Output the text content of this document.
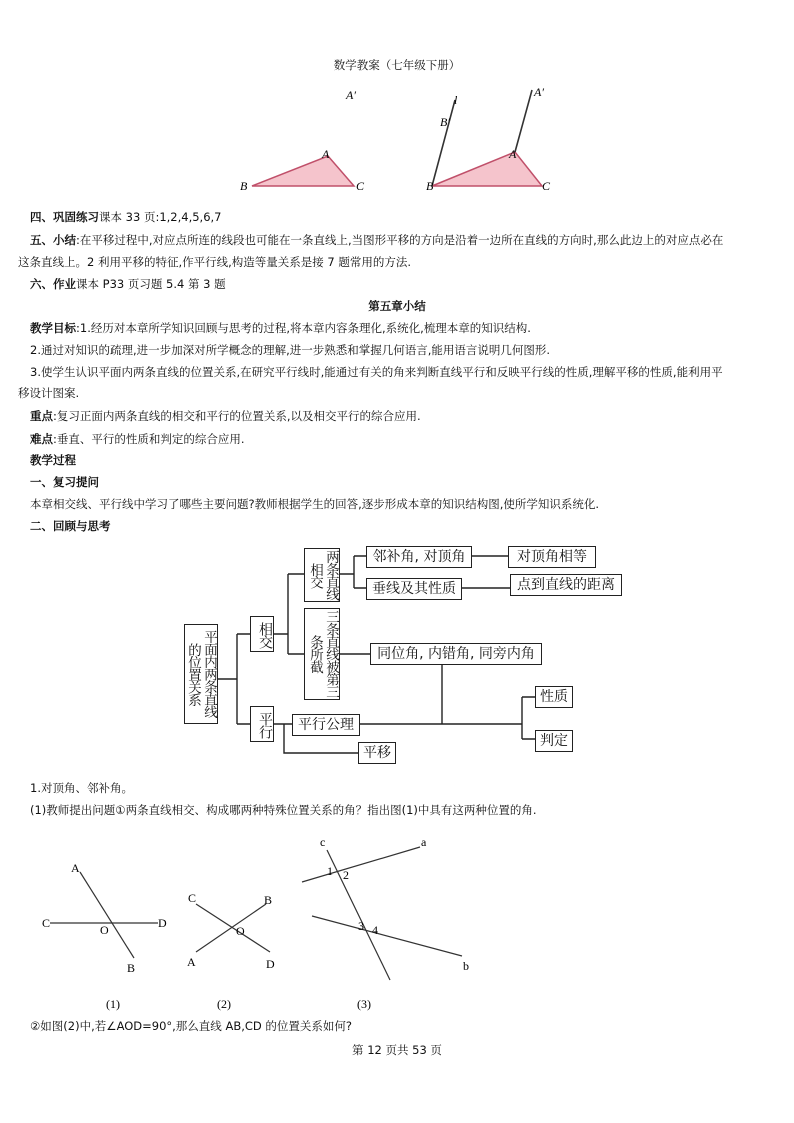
数学教案（七年级下册）
A′
A
B	C
l
B′
A′
A
B	C
四、巩固练习课本 33 页:1,2,4,5,6,7
五、小结:在平移过程中,对应点所连的线段也可能在一条直线上,当图形平移的方向是沿着一边所在直线的方向时,那么此边上的对应点必在
这条直线上。2 利用平移的特征,作平行线,构造等量关系是接 7 题常用的方法.
六、作业课本 P33 页习题 5.4 第 3 题
第五章小结
教学目标:1.经历对本章所学知识回顾与思考的过程,将本章内容条理化,系统化,梳理本章的知识结构.
2.通过对知识的疏理,进一步加深对所学概念的理解,进一步熟悉和掌握几何语言,能用语言说明几何图形.
3.使学生认识平面内两条直线的位置关系,在研究平行线时,能通过有关的角来判断直线平行和反映平行线的性质,理解平移的性质,能利用平
移设计图案.
重点:复习正面内两条直线的相交和平行的位置关系,以及相交平行的综合应用.
难点:垂直、平行的性质和判定的综合应用.
教学过程
一、复习提问
本章相交线、平行线中学习了哪些主要问题?教师根据学生的回答,逐步形成本章的知识结构图,使所学知识系统化.
二、回顾与思考
平面内两条直线的位置关系
相交
平行
两条直线相交
三条直线被第三条所截
邻补角, 对顶角	对顶角相等
垂线及其性质	点到直线的距离
同位角, 内错角, 同旁内角
平行公理
平移
性质
判定
1.对顶角、邻补角。
(1)教师提出问题①两条直线相交、构成哪两种特殊位置关系的角？指出图(1)中具有这两种位置的角.
A
C	D
O
B
C	B
O
A	D
c	a
b
1 2
3 4
(1)	(2)	(3)
②如图(2)中,若∠AOD=90°,那么直线 AB,CD 的位置关系如何?
第 12 页共 53 页
